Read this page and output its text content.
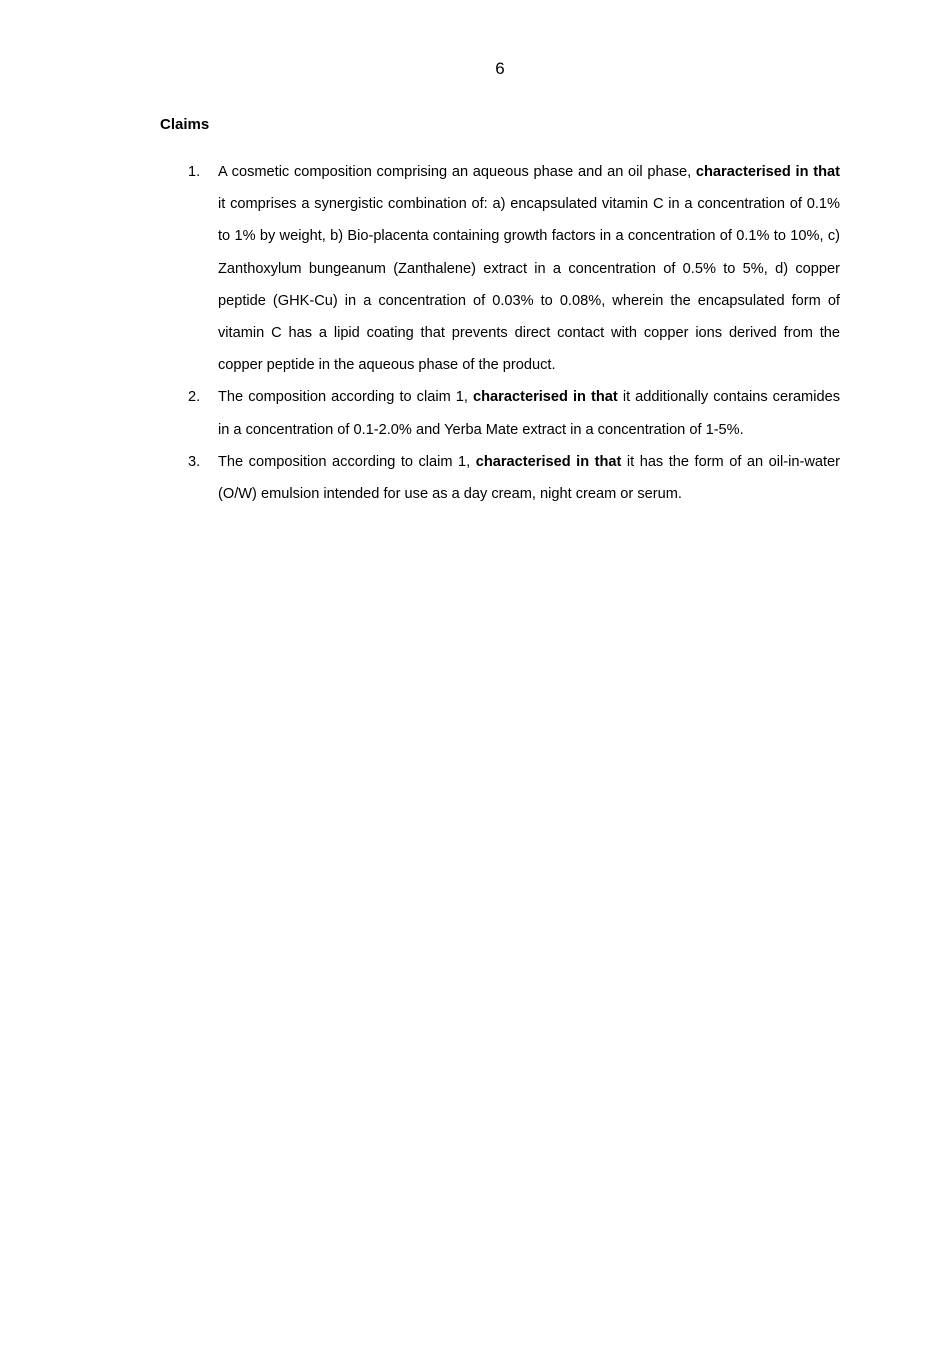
6
Claims
1. A cosmetic composition comprising an aqueous phase and an oil phase, characterised in that it comprises a synergistic combination of: a) encapsulated vitamin C in a concentration of 0.1% to 1% by weight, b) Bio-placenta containing growth factors in a concentration of 0.1% to 10%, c) Zanthoxylum bungeanum (Zanthalene) extract in a concentration of 0.5% to 5%, d) copper peptide (GHK-Cu) in a concentration of 0.03% to 0.08%, wherein the encapsulated form of vitamin C has a lipid coating that prevents direct contact with copper ions derived from the copper peptide in the aqueous phase of the product.
2. The composition according to claim 1, characterised in that it additionally contains ceramides in a concentration of 0.1-2.0% and Yerba Mate extract in a concentration of 1-5%.
3. The composition according to claim 1, characterised in that it has the form of an oil-in-water (O/W) emulsion intended for use as a day cream, night cream or serum.
